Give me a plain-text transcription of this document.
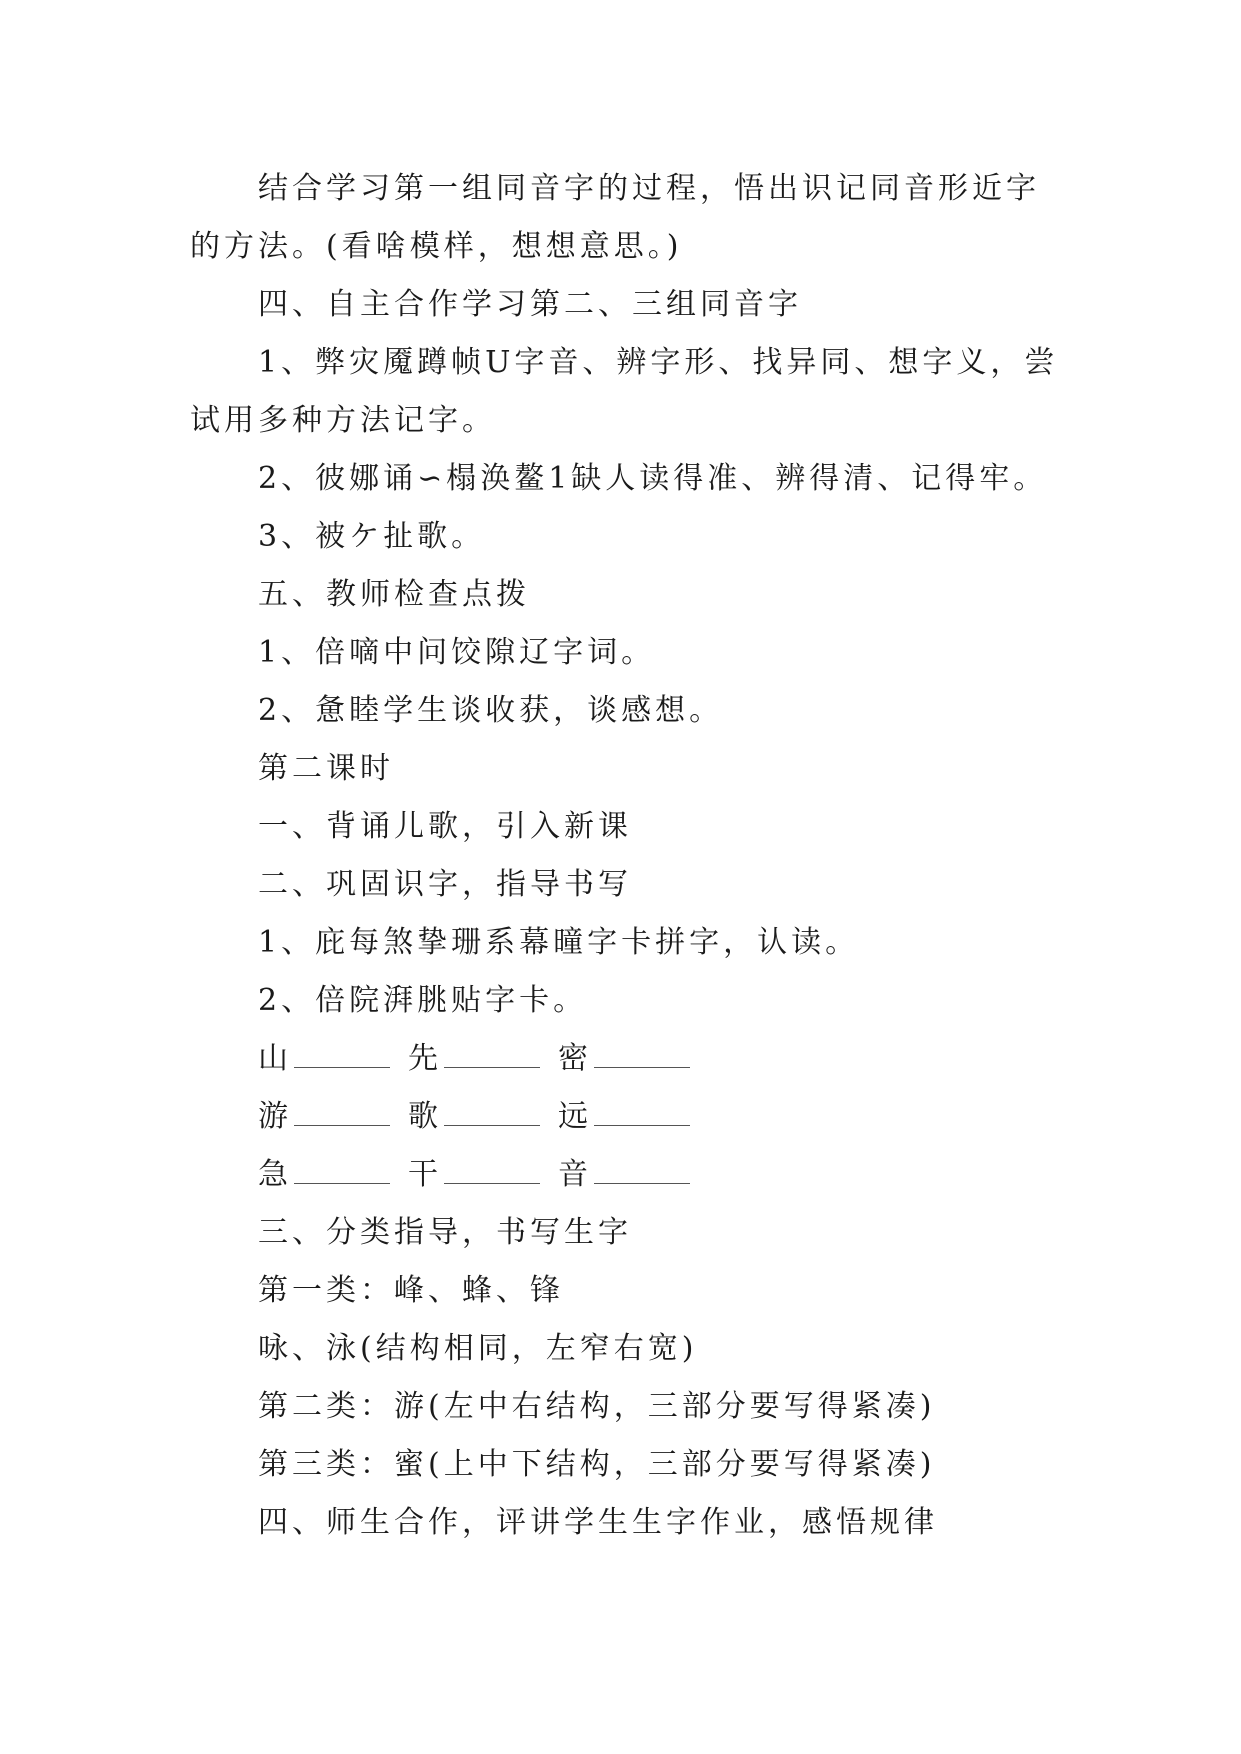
结合学习第一组同音字的过程，悟出识记同音形近字的方法。(看啥模样，想想意思。)

四、自主合作学习第二、三组同音字

1、弊灾魇蹲帧U字音、辨字形、找异同、想字义，尝试用多种方法记字。

2、彼娜诵∽榻涣鳌1缺人读得准、辨得清、记得牢。

3、被ケ扯歌。

五、教师检查点拨

1、倍嘀中问饺隙辽字词。

2、惫睦学生谈收获，谈感想。

第二课时

一、背诵儿歌，引入新课

二、巩固识字，指导书写

1、庇每煞挚珊系幕曈字卡拼字，认读。

2、倍院湃朓贴字卡。

山	先	密
游	歌	远
急	干	音

三、分类指导，书写生字

第一类：峰、蜂、锋

咏、泳(结构相同，左窄右宽)

第二类：游(左中右结构，三部分要写得紧凑)

第三类：蜜(上中下结构，三部分要写得紧凑)

四、师生合作，评讲学生生字作业，感悟规律
